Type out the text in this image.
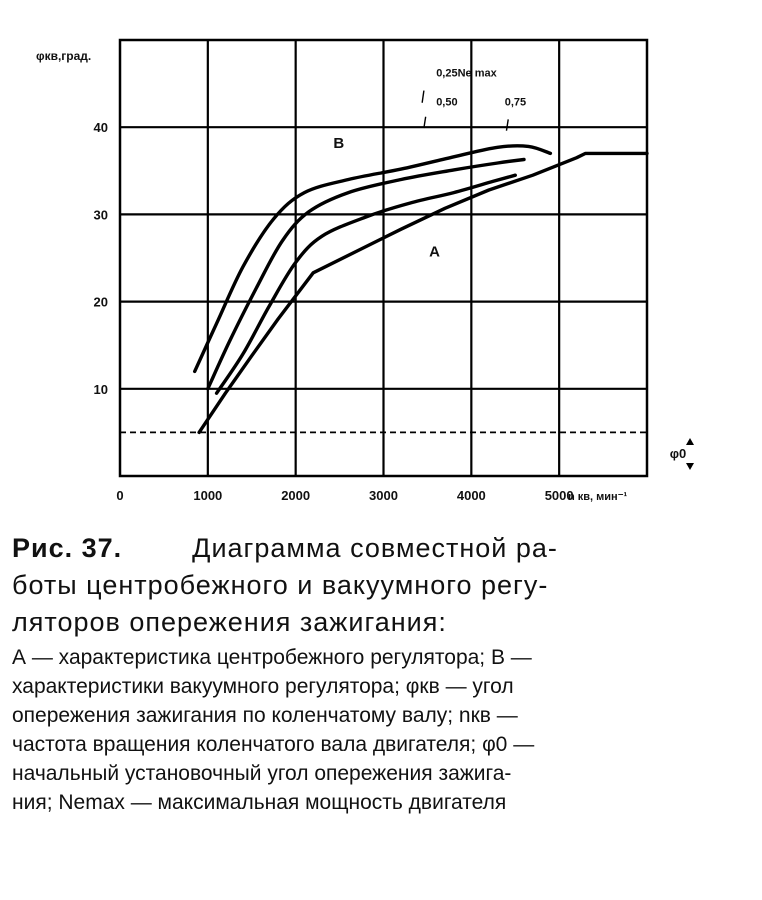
0	1000	2000	3000	4000	5000
10
20
30
40
φкв,град.
n кв, мин⁻¹
φ0
0,25Ne max
0,50	0,75
B
A
Рис. 37.	Диаграмма совместной ра-
боты центробежного и вакуумного регу-
ляторов опережения зажигания:
А — характеристика центробежного регулятора; В —
характеристики вакуумного регулятора; φкв — угол
опережения зажигания по коленчатому валу; nкв —
частота вращения коленчатого вала двигателя; φ0 —
начальный установочный угол опережения зажига-
ния; Nemax — максимальная мощность двигателя
